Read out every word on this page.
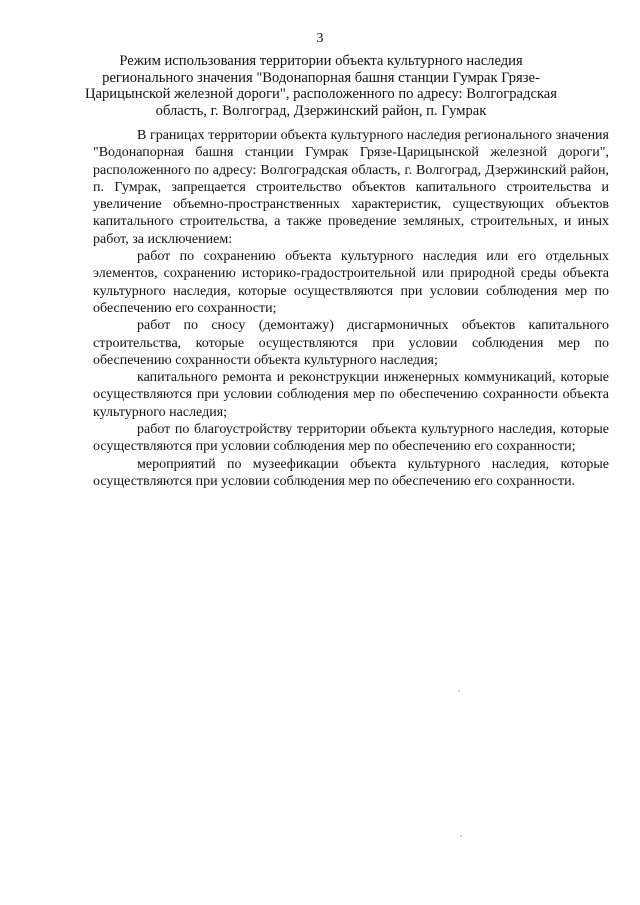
3
Режим использования территории объекта культурного наследия
регионального значения "Водонапорная башня станции Гумрак Грязе-
Царицынской железной дороги", расположенного по адресу: Волгоградская
область, г. Волгоград, Дзержинский район, п. Гумрак

В границах территории объекта культурного наследия регионального значения "Водонапорная башня станции Гумрак Грязе-Царицынской железной дороги", расположенного по адресу: Волгоградская область, г. Волгоград, Дзержинский район, п. Гумрак, запрещается строительство объектов капитального строительства и увеличение объемно-пространственных характеристик, существующих объектов капитального строительства, а также проведение земляных, строительных, и иных работ, за исключением:

работ по сохранению объекта культурного наследия или его отдельных элементов, сохранению историко-градостроительной или природной среды объекта культурного наследия, которые осуществляются при условии соблюдения мер по обеспечению его сохранности;

работ по сносу (демонтажу) дисгармоничных объектов капитального строительства, которые осуществляются при условии соблюдения мер по обеспечению сохранности объекта культурного наследия;

капитального ремонта и реконструкции инженерных коммуникаций, которые осуществляются при условии соблюдения мер по обеспечению сохранности объекта культурного наследия;

работ по благоустройству территории объекта культурного наследия, которые осуществляются при условии соблюдения мер по обеспечению его сохранности;

мероприятий по музеефикации объекта культурного наследия, которые осуществляются при условии соблюдения мер по обеспечению его сохранности.
